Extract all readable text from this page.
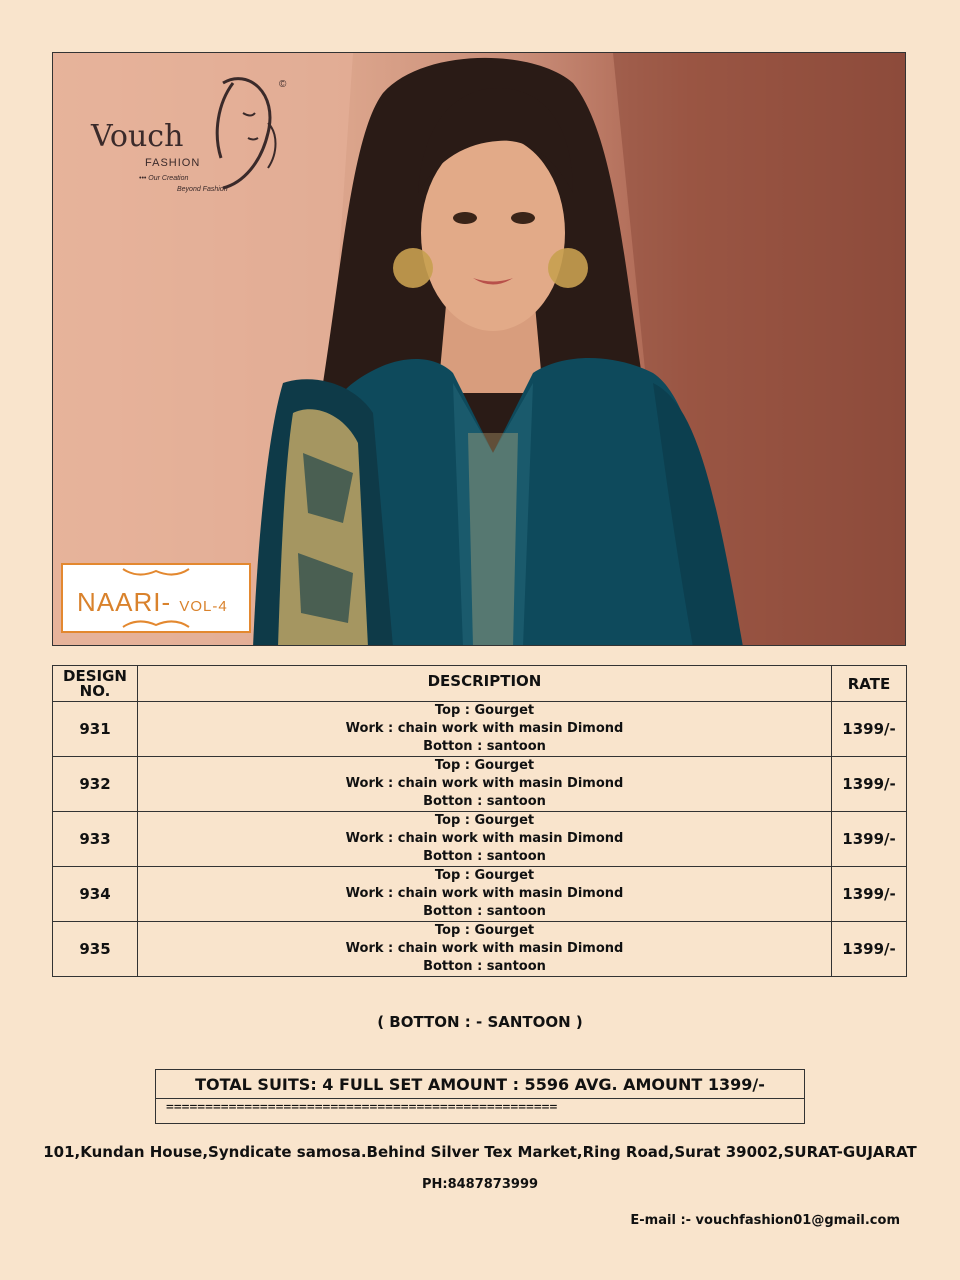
Vouch
FASHION
••• Our Creation
Beyond Fashion
©
NAARI- VOL-4
DESIGN NO.	DESCRIPTION	RATE
931	Top : Gourget
Work : chain work with masin Dimond
Botton : santoon	1399/-
932	Top : Gourget
Work : chain work with masin Dimond
Botton : santoon	1399/-
933	Top : Gourget
Work : chain work with masin Dimond
Botton : santoon	1399/-
934	Top : Gourget
Work : chain work with masin Dimond
Botton : santoon	1399/-
935	Top : Gourget
Work : chain work with masin Dimond
Botton : santoon	1399/-
( BOTTON : - SANTOON )
TOTAL SUITS: 4 FULL SET AMOUNT : 5596 AVG. AMOUNT 1399/-
==================================================
101,Kundan House,Syndicate samosa.Behind Silver Tex Market,Ring Road,Surat 39002,SURAT-GUJARAT
PH:8487873999
E-mail :- vouchfashion01@gmail.com
